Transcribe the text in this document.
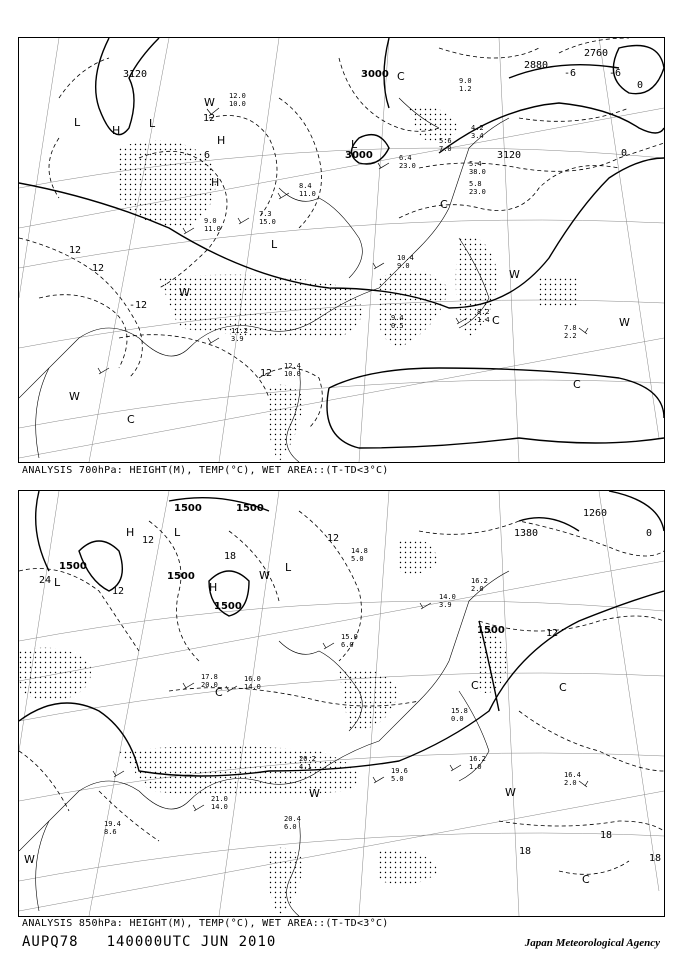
12.0 10.0
9.0 11.0
7.3 15.0
8.4 11.0
6.4 23.0
5.6 7.0
5.4 38.0
5.8 23.0
8.2 1.4
7.8 2.2
11.2 3.9
12.4 10.0
10.4 9.0
9.4 0.5
4.2 3.4
9.0 1.2
3120	3000
3000	3120
2880
2760
12
12
-12
12
0
-6	-6
6
12
0
L
H
L
H
H
L
L
W
W
C
C
C
C
W
W
W
C
ANALYSIS 700hPa: HEIGHT(M), TEMP(°C), WET AREA::(T-TD<3°C)
17.8 20.0
16.0 14.0
15.0 6.0
14.0 3.9
16.2 1.0
16.4 2.0
19.6 5.0
20.2 4.1
21.0 14.0
20.4 6.0
19.4 8.6
16.2 2.0
14.8 5.0
15.8 0.0
1500	1500
1500
1500
1500
1500
1380
1260
24
12
12
18
12	0
12
18
18
18
H	L
L	H
L
C
W
C	C
W
C
W
W
ANALYSIS 850hPa: HEIGHT(M), TEMP(°C), WET AREA::(T-TD<3°C)
AUPQ78 140000UTC JUN 2010	Japan Meteorological Agency
